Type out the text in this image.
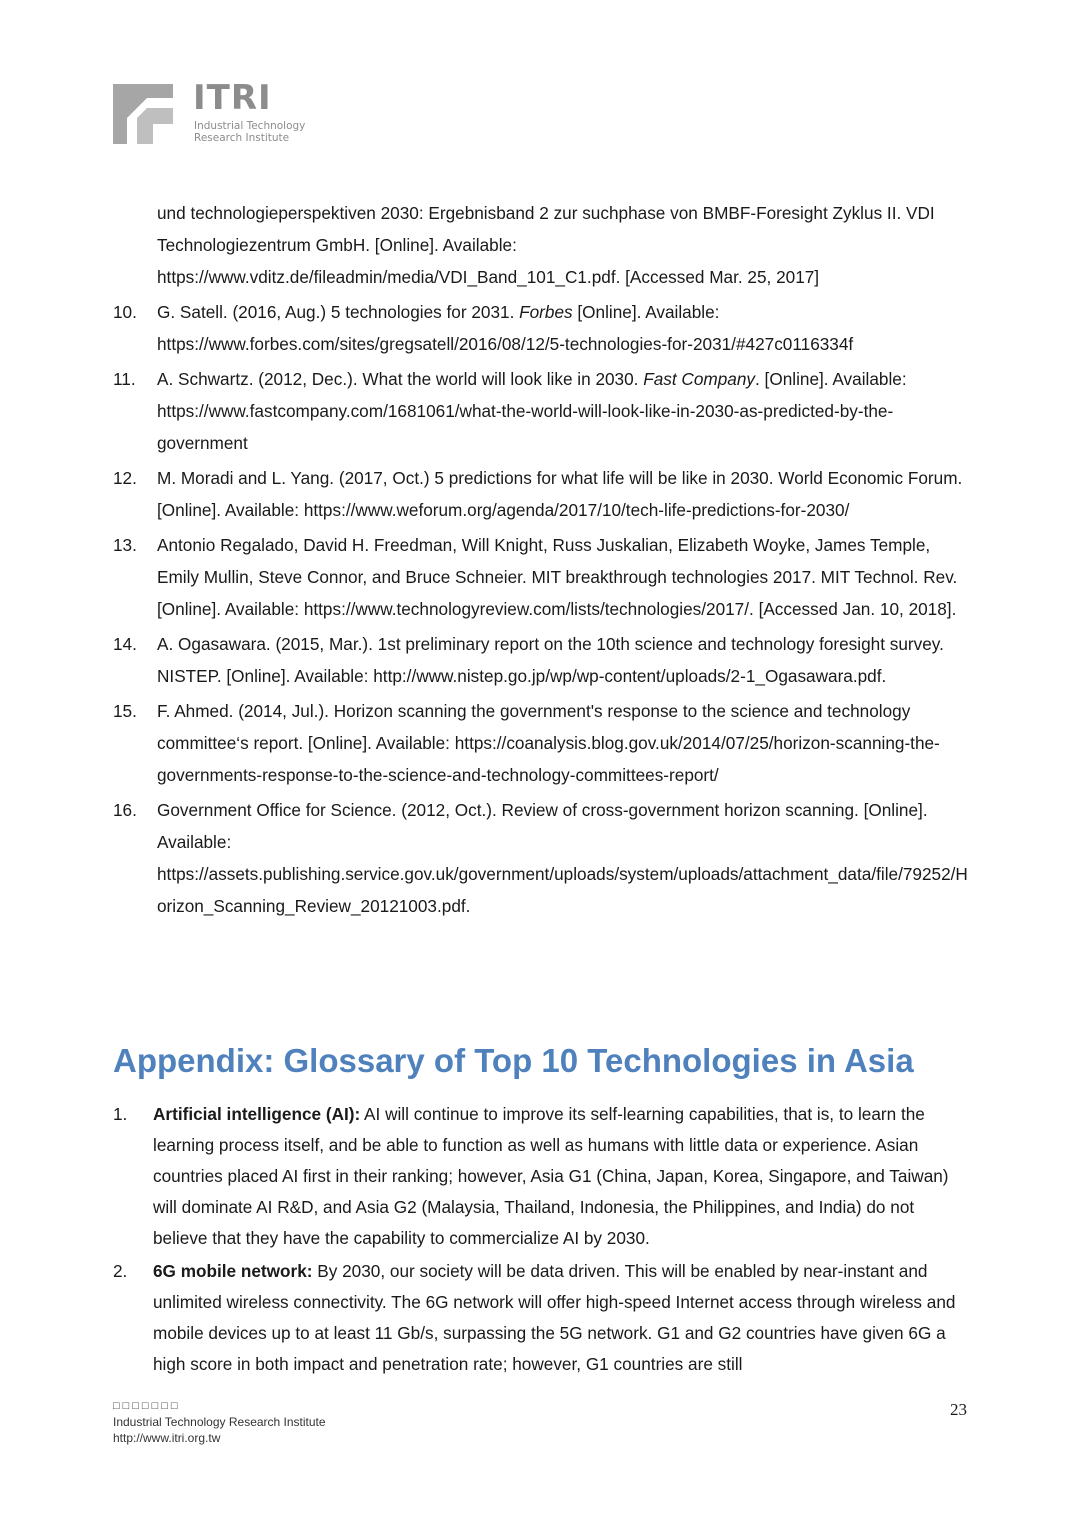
ITRI
Industrial Technology
Research Institute
und technologieperspektiven 2030: Ergebnisband 2 zur suchphase von BMBF-Foresight Zyklus II. VDI Technologiezentrum GmbH. [Online]. Available: https://www.vditz.de/fileadmin/media/VDI_Band_101_C1.pdf. [Accessed Mar. 25, 2017]
10. G. Satell. (2016, Aug.) 5 technologies for 2031. Forbes [Online]. Available: https://www.forbes.com/sites/gregsatell/2016/08/12/5-technologies-for-2031/#427c0116334f
11. A. Schwartz. (2012, Dec.). What the world will look like in 2030. Fast Company. [Online]. Available: https://www.fastcompany.com/1681061/what-the-world-will-look-like-in-2030-as-predicted-by-the-government
12. M. Moradi and L. Yang. (2017, Oct.) 5 predictions for what life will be like in 2030. World Economic Forum. [Online]. Available: https://www.weforum.org/agenda/2017/10/tech-life-predictions-for-2030/
13. Antonio Regalado, David H. Freedman, Will Knight, Russ Juskalian, Elizabeth Woyke, James Temple, Emily Mullin, Steve Connor, and Bruce Schneier. MIT breakthrough technologies 2017. MIT Technol. Rev. [Online]. Available: https://www.technologyreview.com/lists/technologies/2017/. [Accessed Jan. 10, 2018].
14. A. Ogasawara. (2015, Mar.). 1st preliminary report on the 10th science and technology foresight survey. NISTEP. [Online]. Available: http://www.nistep.go.jp/wp/wp-content/uploads/2-1_Ogasawara.pdf.
15. F. Ahmed. (2014, Jul.). Horizon scanning the government's response to the science and technology committee‘s report. [Online]. Available: https://coanalysis.blog.gov.uk/2014/07/25/horizon-scanning-the-governments-response-to-the-science-and-technology-committees-report/
16. Government Office for Science. (2012, Oct.). Review of cross-government horizon scanning. [Online]. Available: https://assets.publishing.service.gov.uk/government/uploads/system/uploads/attachment_data/file/79252/Horizon_Scanning_Review_20121003.pdf.
Appendix: Glossary of Top 10 Technologies in Asia
1. Artificial intelligence (AI): AI will continue to improve its self-learning capabilities, that is, to learn the learning process itself, and be able to function as well as humans with little data or experience. Asian countries placed AI first in their ranking; however, Asia G1 (China, Japan, Korea, Singapore, and Taiwan) will dominate AI R&D, and Asia G2 (Malaysia, Thailand, Indonesia, the Philippines, and India) do not believe that they have the capability to commercialize AI by 2030.
2. 6G mobile network: By 2030, our society will be data driven. This will be enabled by near-instant and unlimited wireless connectivity. The 6G network will offer high-speed Internet access through wireless and mobile devices up to at least 11 Gb/s, surpassing the 5G network. G1 and G2 countries have given 6G a high score in both impact and penetration rate; however, G1 countries are still
□□□□□□□
Industrial Technology Research Institute
http://www.itri.org.tw
23
